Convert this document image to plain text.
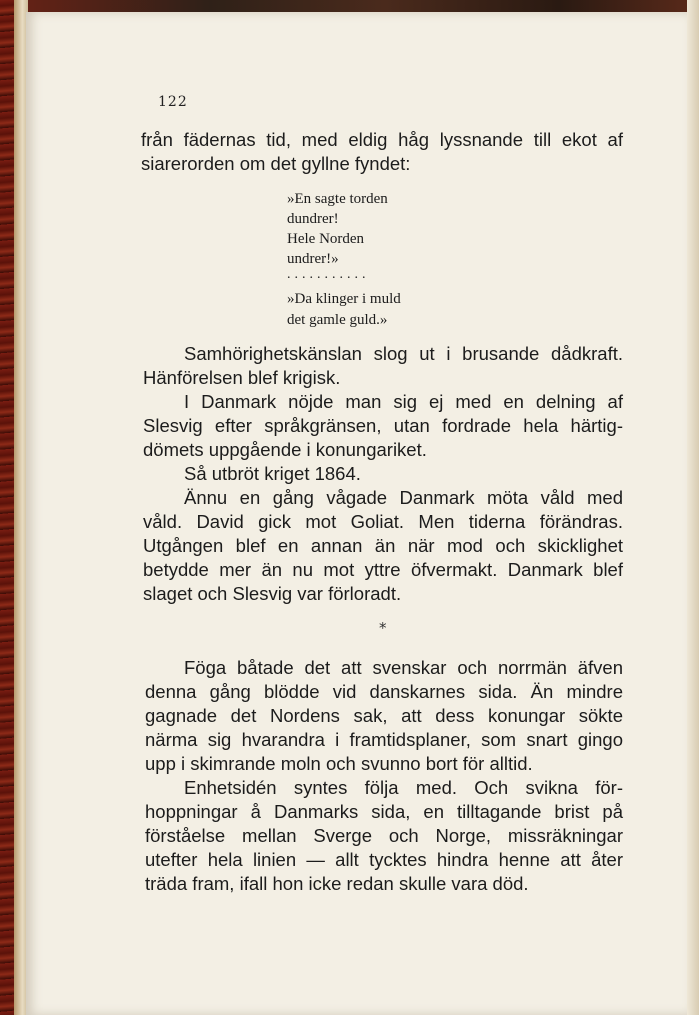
122
från fädernas tid, med eldig håg lyssnande till ekot af
siarerorden om det gyllne fyndet:
»En sagte torden
dundrer!
Hele Norden
undrer!»
...........
»Da klinger i muld
det gamle guld.»
Samhörighetskänslan slog ut i brusande dådkraft.
Hänförelsen blef krigisk.
I Danmark nöjde man sig ej med en delning af
Slesvig efter språkgränsen, utan fordrade hela härtig-
dömets uppgående i konungariket.
Så utbröt kriget 1864.
Ännu en gång vågade Danmark möta våld med
våld. David gick mot Goliat. Men tiderna förändras.
Utgången blef en annan än när mod och skicklighet
betydde mer än nu mot yttre öfvermakt. Danmark blef
slaget och Slesvig var förloradt.
*
Föga båtade det att svenskar och norrmän äfven
denna gång blödde vid danskarnes sida. Än mindre
gagnade det Nordens sak, att dess konungar sökte
närma sig hvarandra i framtidsplaner, som snart gingo
upp i skimrande moln och svunno bort för alltid.
Enhetsidén syntes följa med. Och svikna för-
hoppningar å Danmarks sida, en tilltagande brist på
förståelse mellan Sverge och Norge, missräkningar
utefter hela linien — allt tycktes hindra henne att åter
träda fram, ifall hon icke redan skulle vara död.
